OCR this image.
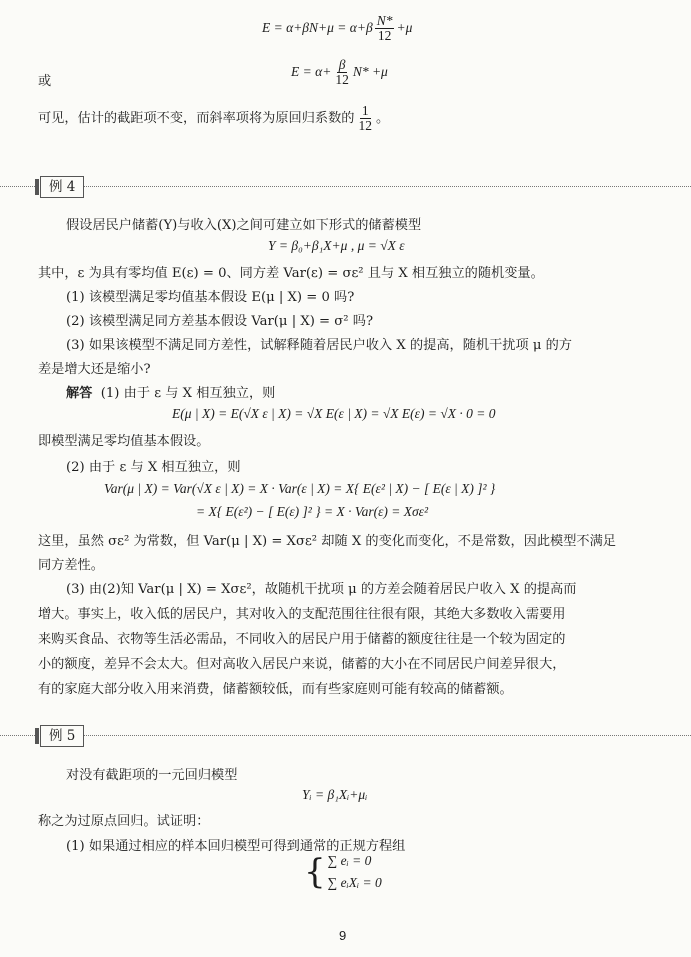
$E = \alpha+\beta N+\mu = \alpha+\beta \frac{N*}{12} +\mu$
或
$E = \alpha+ \frac{\beta}{12} N* +\mu$
可见，估计的截距项不变，而斜率项将为原回归系数的 $\frac{1}{12}$ 。
例 4
假设居民户储蓄(Y)与收入(X)之间可建立如下形式的储蓄模型
Y = β₀+β₁X+μ , μ = √X ε
其中，ε 为具有零均值 E(ε) = 0、同方差 Var(ε) = σε² 且与 X 相互独立的随机变量。
(1) 该模型满足零均值基本假设 E(μ | X) = 0 吗?
(2) 该模型满足同方差基本假设 Var(μ | X) = σ² 吗?
(3) 如果该模型不满足同方差性，试解释随着居民户收入 X 的提高，随机干扰项 μ 的方
差是增大还是缩小?
解答 (1) 由于 ε 与 X 相互独立，则
E(μ | X) = E(√X ε | X) = √X E(ε | X) = √X E(ε) = √X · 0 = 0
即模型满足零均值基本假设。
(2) 由于 ε 与 X 相互独立，则
Var(μ | X) = Var(√X ε | X) = X · Var(ε | X) = X{ E(ε² | X) − [ E(ε | X) ]² }
= X{ E(ε²) − [ E(ε) ]² } = X · Var(ε) = Xσε²
这里，虽然 σε² 为常数，但 Var(μ | X) = Xσε² 却随 X 的变化而变化，不是常数，因此模型不满足
同方差性。
(3) 由(2)知 Var(μ | X) = Xσε²，故随机干扰项 μ 的方差会随着居民户收入 X 的提高而
增大。事实上，收入低的居民户，其对收入的支配范围往往很有限，其绝大多数收入需要用
来购买食品、衣物等生活必需品，不同收入的居民户用于储蓄的额度往往是一个较为固定的
小的额度，差异不会太大。但对高收入居民户来说，储蓄的大小在不同居民户间差异很大，
有的家庭大部分收入用来消费，储蓄额较低，而有些家庭则可能有较高的储蓄额。
例 5
对没有截距项的一元回归模型
Yᵢ = β₁Xᵢ+μᵢ
称之为过原点回归。试证明：
(1) 如果通过相应的样本回归模型可得到通常的正规方程组
{ ∑ eᵢ = 0
∑ eᵢXᵢ = 0
9
